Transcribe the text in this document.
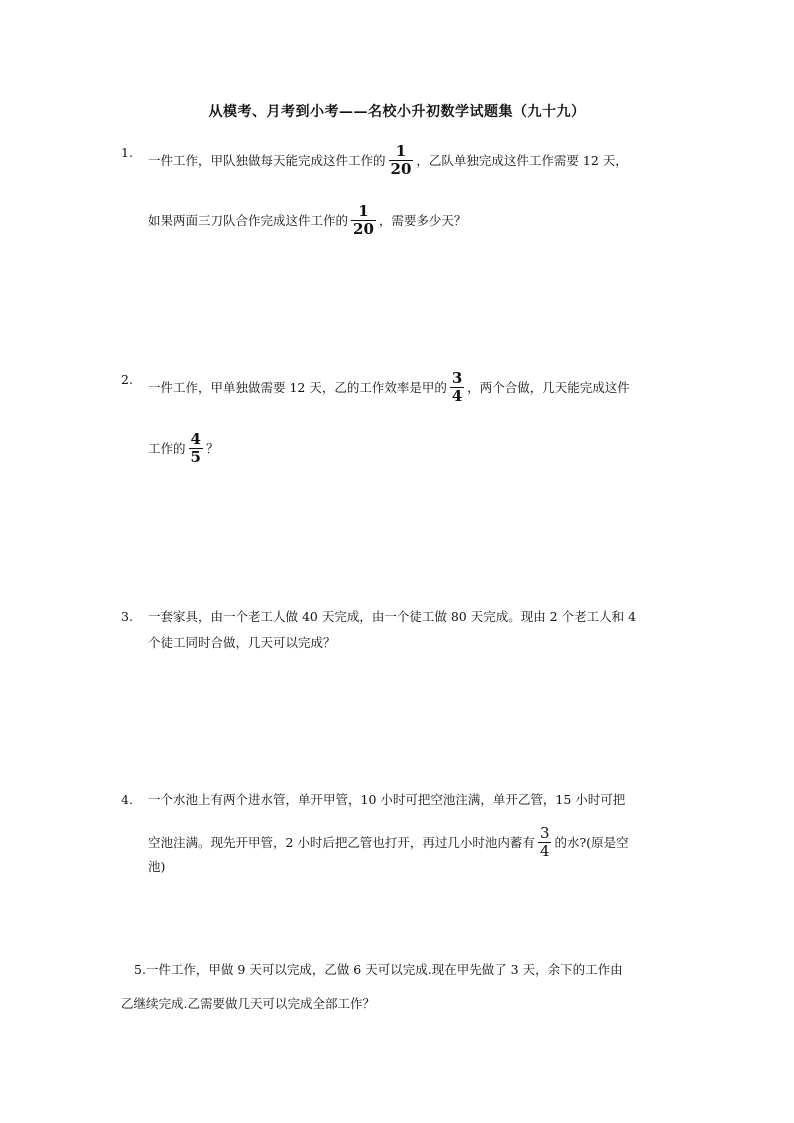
从模考、月考到小考——名校小升初数学试题集（九十九）
1.
一件工作，甲队独做每天能完成这件工作的 $\frac{1}{20}$ ，乙队单独完成这件工作需要 12 天，
如果两面三刀队合作完成这件工作的 $\frac{1}{20}$ ，需要多少天？
2.
一件工作，甲单独做需要 12 天，乙的工作效率是甲的 $\frac{3}{4}$ ，两个合做，几天能完成这件
工作的 $\frac{4}{5}$ ？
3. 一套家具，由一个老工人做 40 天完成，由一个徒工做 80 天完成。现由 2 个老工人和 4
个徒工同时合做，几天可以完成？
4. 一个水池上有两个进水管，单开甲管，10 小时可把空池注满，单开乙管，15 小时可把
空池注满。现先开甲管，2 小时后把乙管也打开，再过几小时池内蓄有 $\frac{3}{4}$ 的水?(原是空
池)
5.一件工作，甲做 9 天可以完成，乙做 6 天可以完成.现在甲先做了 3 天，余下的工作由
乙继续完成.乙需要做几天可以完成全部工作？
